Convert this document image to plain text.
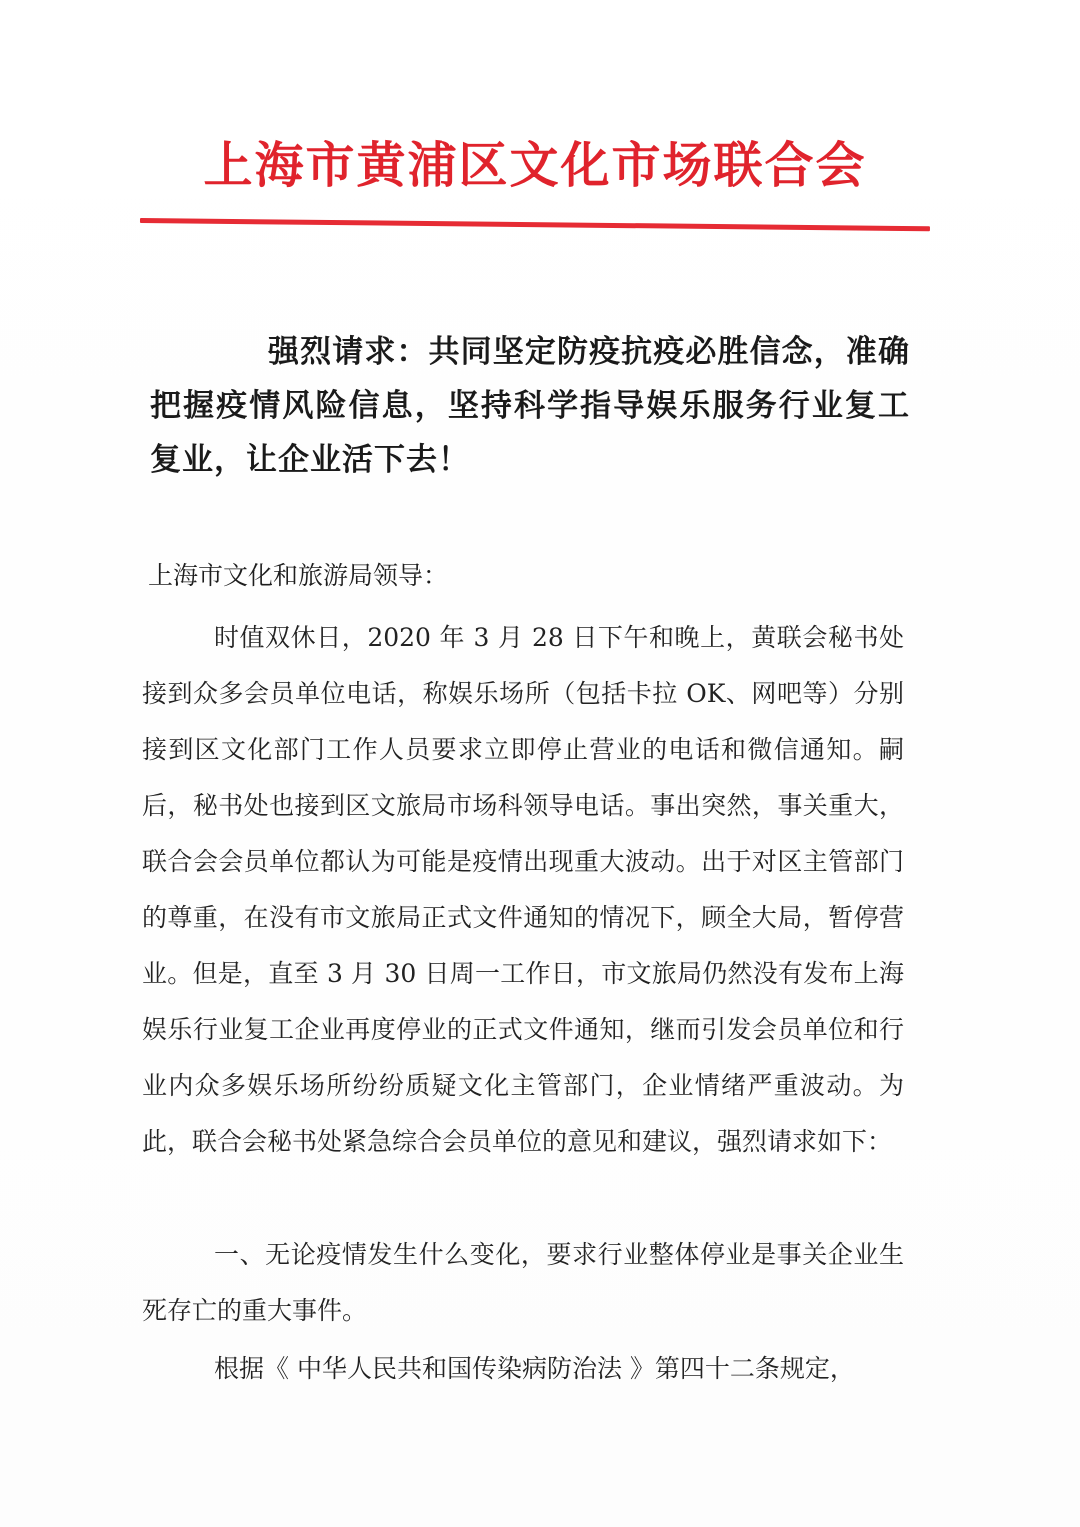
上海市黄浦区文化市场联合会
强烈请求：共同坚定防疫抗疫必胜信念，准确把握疫情风险信息，坚持科学指导娱乐服务行业复工复业，让企业活下去！

上海市文化和旅游局领导：

时值双休日，2020 年 3 月 28 日下午和晚上，黄联会秘书处接到众多会员单位电话，称娱乐场所（包括卡拉 OK、网吧等）分别接到区文化部门工作人员要求立即停止营业的电话和微信通知。嗣后，秘书处也接到区文旅局市场科领导电话。事出突然，事关重大，联合会会员单位都认为可能是疫情出现重大波动。出于对区主管部门的尊重，在没有市文旅局正式文件通知的情况下，顾全大局，暂停营业。但是，直至 3 月 30 日周一工作日，市文旅局仍然没有发布上海娱乐行业复工企业再度停业的正式文件通知，继而引发会员单位和行业内众多娱乐场所纷纷质疑文化主管部门，企业情绪严重波动。为此，联合会秘书处紧急综合会员单位的意见和建议，强烈请求如下：

一、无论疫情发生什么变化，要求行业整体停业是事关企业生死存亡的重大事件。

根据《 中华人民共和国传染病防治法 》第四十二条规定，
